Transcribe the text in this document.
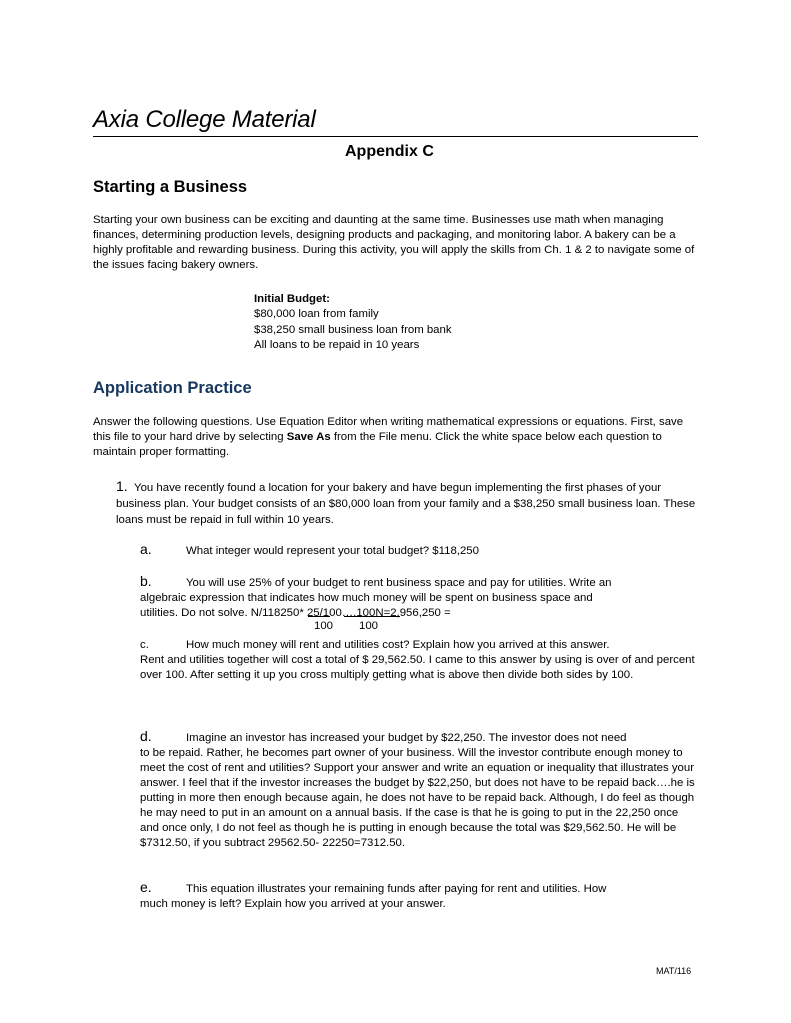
Axia College Material
Appendix C
Starting a Business
Starting your own business can be exciting and daunting at the same time. Businesses use math when managing finances, determining production levels, designing products and packaging, and monitoring labor. A bakery can be a highly profitable and rewarding business. During this activity, you will apply the skills from Ch. 1 & 2 to navigate some of the issues facing bakery owners.
Initial Budget:
$80,000 loan from family
$38,250 small business loan from bank
All loans to be repaid in 10 years
Application Practice
Answer the following questions. Use Equation Editor when writing mathematical expressions or equations. First, save this file to your hard drive by selecting Save As from the File menu. Click the white space below each question to maintain proper formatting.
1. You have recently found a location for your bakery and have begun implementing the first phases of your business plan. Your budget consists of an $80,000 loan from your family and a $38,250 small business loan. These loans must be repaid in full within 10 years.
a.	What integer would represent your total budget? $118,250
b.	You will use 25% of your budget to rent business space and pay for utilities. Write an
algebraic expression that indicates how much money will be spent on business space and
utilities. Do not solve. N/118250* 25/100….100N=2,956,250 =
100 100
c.	How much money will rent and utilities cost? Explain how you arrived at this answer.
Rent and utilities together will cost a total of $ 29,562.50. I came to this answer by using is over of and percent over 100. After setting it up you cross multiply getting what is above then divide both sides by 100.
d.	Imagine an investor has increased your budget by $22,250. The investor does not need
to be repaid. Rather, he becomes part owner of your business. Will the investor contribute enough money to meet the cost of rent and utilities? Support your answer and write an equation or inequality that illustrates your answer. I feel that if the investor increases the budget by $22,250, but does not have to be repaid back….he is putting in more then enough because again, he does not have to be repaid back. Although, I do feel as though he may need to put in an amount on a annual basis. If the case is that he is going to put in the 22,250 once and once only, I do not feel as though he is putting in enough because the total was $29,562.50. He will be $7312.50, if you subtract 29562.50- 22250=7312.50.
e.	This equation illustrates your remaining funds after paying for rent and utilities. How
much money is left? Explain how you arrived at your answer.
MAT/116
